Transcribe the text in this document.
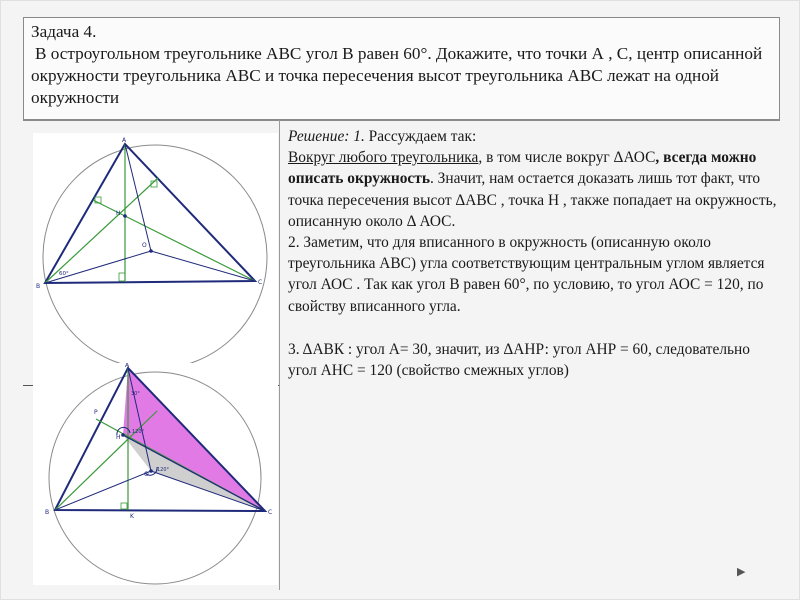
Задача 4.

В остроугольном треугольнике АВС угол В равен 60°. Докажите, что точки А , С, центр описанной окружности треугольника АВС и точка пересечения высот треугольника АВС лежат на одной окружности

A
B
C
O
H
60°
A
B	C
O
H
P
K
30°
120°
120°

Решение: 1. Рассуждаем так:

Вокруг любого треугольника, в том числе вокруг ΔАОС, всегда можно описать окружность. Значит, нам остается доказать лишь тот факт, что точка пересечения высот ΔАВС , точка Н , также попадает на окружность, описанную около Δ АОС.

2. Заметим, что для вписанного в окружность (описанную около треугольника АВС) угла соответствующим центральным углом является угол АОС . Так как угол В равен 60°, по условию, то угол АОС = 120, по свойству вписанного угла.

3. ΔАВК : угол А= 30, значит, из ΔАНР: угол АНР = 60, следовательно угол АНС = 120 (свойство смежных углов)

▶
